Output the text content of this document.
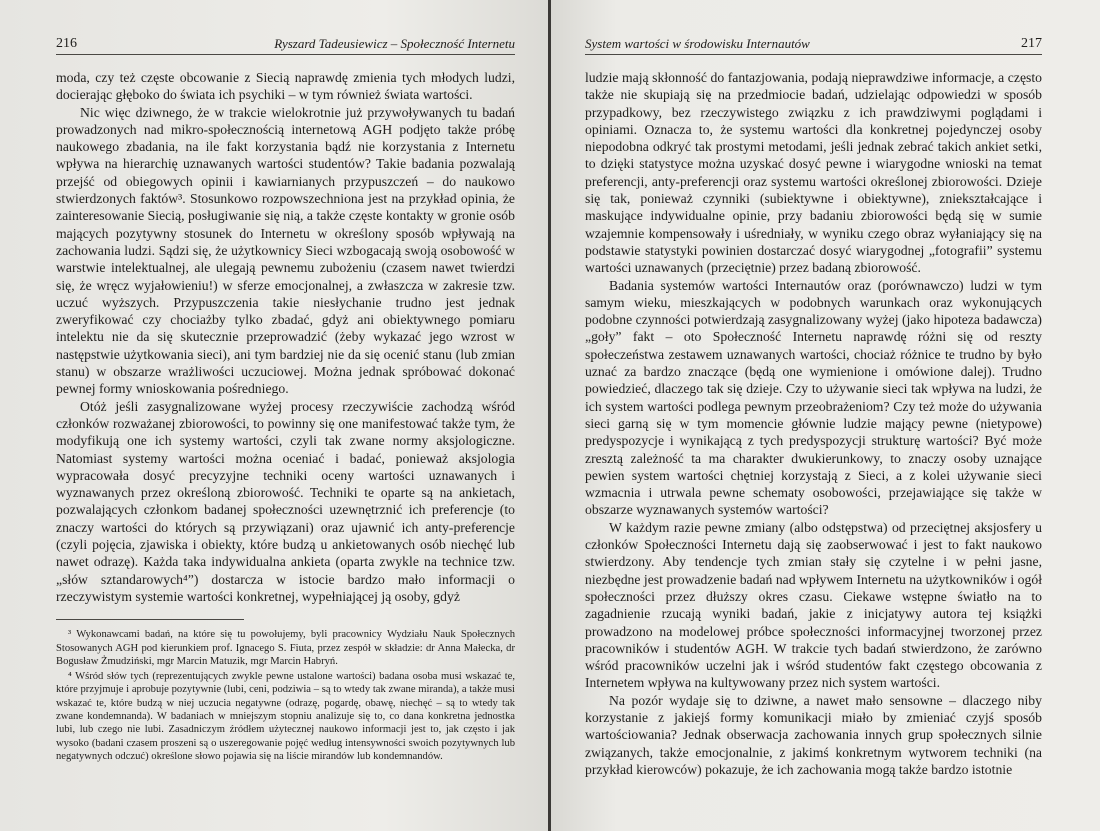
216	Ryszard Tadeusiewicz – Społeczność Internetu

moda, czy też częste obcowanie z Siecią naprawdę zmienia tych młodych ludzi, docierając głęboko do świata ich psychiki – w tym również świata wartości.

Nic więc dziwnego, że w trakcie wielokrotnie już przywoływanych tu badań prowadzonych nad mikro-społecznością internetową AGH podjęto także próbę naukowego zbadania, na ile fakt korzystania bądź nie korzystania z Internetu wpływa na hierarchię uznawanych wartości studentów? Takie badania pozwalają przejść od obiegowych opinii i kawiarnianych przypuszczeń – do naukowo stwierdzonych faktów³. Stosunkowo rozpowszechniona jest na przykład opinia, że zainteresowanie Siecią, posługiwanie się nią, a także częste kontakty w gronie osób mających pozytywny stosunek do Internetu w określony sposób wpływają na zachowania ludzi. Sądzi się, że użytkownicy Sieci wzbogacają swoją osobowość w warstwie intelektualnej, ale ulegają pewnemu zubożeniu (czasem nawet twierdzi się, że wręcz wyjałowieniu!) w sferze emocjonalnej, a zwłaszcza w zakresie tzw. uczuć wyższych. Przypuszczenia takie niesłychanie trudno jest jednak zweryfikować czy chociażby tylko zbadać, gdyż ani obiektywnego pomiaru intelektu nie da się skutecznie przeprowadzić (żeby wykazać jego wzrost w następstwie użytkowania sieci), ani tym bardziej nie da się ocenić stanu (lub zmian stanu) w obszarze wrażliwości uczuciowej. Można jednak spróbować dokonać pewnej formy wnioskowania pośredniego.

Otóż jeśli zasygnalizowane wyżej procesy rzeczywiście zachodzą wśród członków rozważanej zbiorowości, to powinny się one manifestować także tym, że modyfikują one ich systemy wartości, czyli tak zwane normy aksjologiczne. Natomiast systemy wartości można oceniać i badać, ponieważ aksjologia wypracowała dosyć precyzyjne techniki oceny wartości uznawanych i wyznawanych przez określoną zbiorowość. Techniki te oparte są na ankietach, pozwalających członkom badanej społeczności uzewnętrznić ich preferencje (to znaczy wartości do których są przywiązani) oraz ujawnić ich anty-preferencje (czyli pojęcia, zjawiska i obiekty, które budzą u ankietowanych osób niechęć lub nawet odrazę). Każda taka indywidualna ankieta (oparta zwykle na technice tzw. „słów sztandarowych⁴”) dostarcza w istocie bardzo mało informacji o rzeczywistym systemie wartości konkretnej, wypełniającej ją osoby, gdyż

³ Wykonawcami badań, na które się tu powołujemy, byli pracownicy Wydziału Nauk Społecznych Stosowanych AGH pod kierunkiem prof. Ignacego S. Fiuta, przez zespół w składzie: dr Anna Małecka, dr Bogusław Żmudziński, mgr Marcin Matuzik, mgr Marcin Habryń.

⁴ Wśród słów tych (reprezentujących zwykle pewne ustalone wartości) badana osoba musi wskazać te, które przyjmuje i aprobuje pozytywnie (lubi, ceni, podziwia – są to wtedy tak zwane miranda), a także musi wskazać te, które budzą w niej uczucia negatywne (odrazę, pogardę, obawę, niechęć – są to wtedy tak zwane kondemnanda). W badaniach w mniejszym stopniu analizuje się to, co dana konkretna jednostka lubi, lub czego nie lubi. Zasadniczym źródłem użytecznej naukowo informacji jest to, jak często i jak wysoko (badani czasem proszeni są o uszeregowanie pojęć według intensywności swoich pozytywnych lub negatywnych odczuć) określone słowo pojawia się na liście mirandów lub kondemnandów.

System wartości w środowisku Internautów	217

ludzie mają skłonność do fantazjowania, podają nieprawdziwe informacje, a często także nie skupiają się na przedmiocie badań, udzielając odpowiedzi w sposób przypadkowy, bez rzeczywistego związku z ich prawdziwymi poglądami i opiniami. Oznacza to, że systemu wartości dla konkretnej pojedynczej osoby niepodobna odkryć tak prostymi metodami, jeśli jednak zebrać takich ankiet setki, to dzięki statystyce można uzyskać dosyć pewne i wiarygodne wnioski na temat preferencji, anty-preferencji oraz systemu wartości określonej zbiorowości. Dzieje się tak, ponieważ czynniki (subiektywne i obiektywne), zniekształcające i maskujące indywidualne opinie, przy badaniu zbiorowości będą się w sumie wzajemnie kompensowały i uśredniały, w wyniku czego obraz wyłaniający się na podstawie statystyki powinien dostarczać dosyć wiarygodnej „fotografii” systemu wartości uznawanych (przeciętnie) przez badaną zbiorowość.

Badania systemów wartości Internautów oraz (porównawczo) ludzi w tym samym wieku, mieszkających w podobnych warunkach oraz wykonujących podobne czynności potwierdzają zasygnalizowany wyżej (jako hipoteza badawcza) „goły” fakt – oto Społeczność Internetu naprawdę różni się od reszty społeczeństwa zestawem uznawanych wartości, chociaż różnice te trudno by było uznać za bardzo znaczące (będą one wymienione i omówione dalej). Trudno powiedzieć, dlaczego tak się dzieje. Czy to używanie sieci tak wpływa na ludzi, że ich system wartości podlega pewnym przeobrażeniom? Czy też może do używania sieci garną się w tym momencie głównie ludzie mający pewne (nietypowe) predyspozycje i wynikającą z tych predyspozycji strukturę wartości? Być może zresztą zależność ta ma charakter dwukierunkowy, to znaczy osoby uznające pewien system wartości chętniej korzystają z Sieci, a z kolei używanie sieci wzmacnia i utrwala pewne schematy osobowości, przejawiające się także w obszarze wyznawanych systemów wartości?

W każdym razie pewne zmiany (albo odstępstwa) od przeciętnej aksjosfery u członków Społeczności Internetu dają się zaobserwować i jest to fakt naukowo stwierdzony. Aby tendencje tych zmian stały się czytelne i w pełni jasne, niezbędne jest prowadzenie badań nad wpływem Internetu na użytkowników i ogół społeczności przez dłuższy okres czasu. Ciekawe wstępne światło na to zagadnienie rzucają wyniki badań, jakie z inicjatywy autora tej książki prowadzono na modelowej próbce społeczności informacyjnej tworzonej przez pracowników i studentów AGH. W trakcie tych badań stwierdzono, że zarówno wśród pracowników uczelni jak i wśród studentów fakt częstego obcowania z Internetem wpływa na kultywowany przez nich system wartości.

Na pozór wydaje się to dziwne, a nawet mało sensowne – dlaczego niby korzystanie z jakiejś formy komunikacji miało by zmieniać czyjś sposób wartościowania? Jednak obserwacja zachowania innych grup społecznych silnie związanych, także emocjonalnie, z jakimś konkretnym wytworem techniki (na przykład kierowców) pokazuje, że ich zachowania mogą także bardzo istotnie
